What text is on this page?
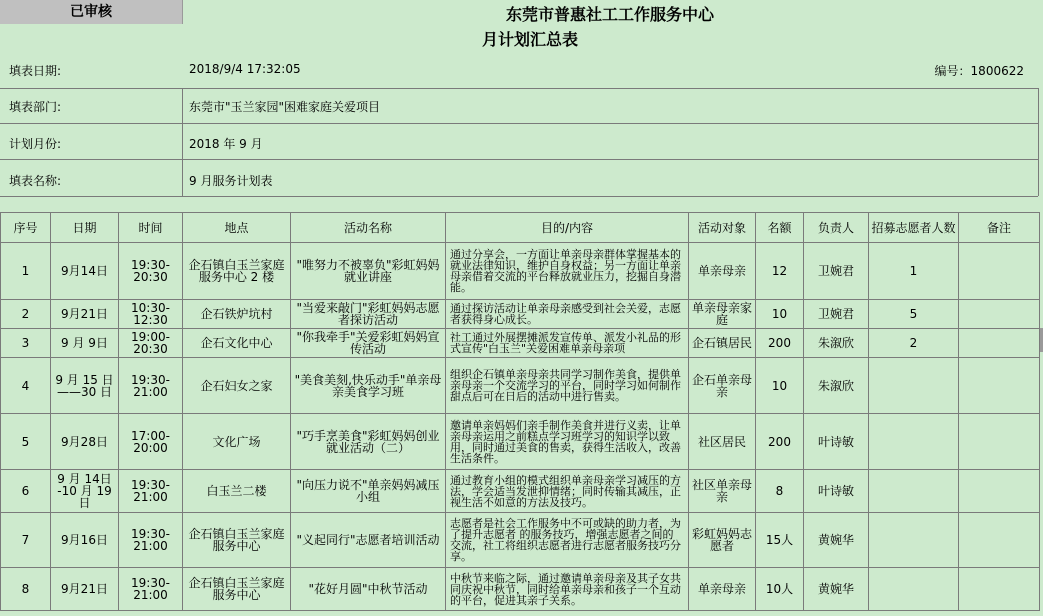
已审核	东莞市普惠社工工作服务中心
月计划汇总表
填表日期:	2018/9/4 17:32:05	编号：1800622
填表部门:	东莞市"玉兰家园"困难家庭关爱项目
计划月份:	2018 年 9 月
填表名称:	9 月服务计划表
序号	日期	时间	地点	活动名称	目的/内容	活动对象	名额	负责人	招募志愿者人数	备注
1	9月14日	19:30-20:30	企石镇白玉兰家庭服务中心 2 楼	"唯努力不被辜负"彩虹妈妈就业讲座	通过分享会，一方面让单亲母亲群体掌握基本的就业法律知识，维护自身权益；另一方面让单亲母亲借着交流的平台释放就业压力，挖掘自身潜能。	单亲母亲	12	卫婉君	1	
2	9月21日	10:30-12:30	企石铁炉坑村	"当爱来敲门"彩虹妈妈志愿者探访活动	通过探访活动让单亲母亲感受到社会关爱，志愿者获得身心成长。	单亲母亲家庭	10	卫婉君	5	
3	9 月 9日	19:00-20:30	企石文化中心	"你我牵手"关爱彩虹妈妈宣传活动	社工通过外展摆摊派发宣传单、派发小礼品的形式宣传"白玉兰"关爱困难单亲母亲项	企石镇居民	200	朱溆欣	2	
4	9 月 15 日——30 日	19:30-21:00	企石妇女之家	"美食美刻,快乐动手"单亲母亲美食学习班	组织企石镇单亲母亲共同学习制作美食，提供单亲母亲一个交流学习的平台，同时学习如何制作甜点后可在日后的活动中进行售卖。	企石单亲母亲	10	朱溆欣		
5	9月28日	17:00-20:00	文化广场	"巧手烹美食"彩虹妈妈创业就业活动（二）	邀请单亲妈妈们亲手制作美食并进行义卖，让单亲母亲运用之前糕点学习班学习的知识学以致用，同时通过美食的售卖，获得生活收入，改善生活条件。	社区居民	200	叶诗敏		
6	9 月 14日 -10 月 19 日	19:30-21:00	白玉兰二楼	"向压力说不"单亲妈妈减压小组	通过教育小组的模式组织单亲母亲学习减压的方法，学会适当发泄抑情绪；同时传输其减压，正视生活不如意的方法及技巧。	社区单亲母亲	8	叶诗敏		
7	9月16日	19:30-21:00	企石镇白玉兰家庭服务中心	"义起同行"志愿者培训活动	志愿者是社会工作服务中不可或缺的助力者，为了提升志愿者 的服务技巧，增强志愿者之间的交流，社工将组织志愿者进行志愿者服务技巧分享。	彩虹妈妈志愿者	15人	黄婉华		
8	9月21日	19:30-21:00	企石镇白玉兰家庭服务中心	"花好月圆"中秋节活动	中秋节来临之际，通过邀请单亲母亲及其子女共同庆祝中秋节，同时给单亲母亲和孩子一个互动的平台，促进其亲子关系。	单亲母亲	10人	黄婉华		
